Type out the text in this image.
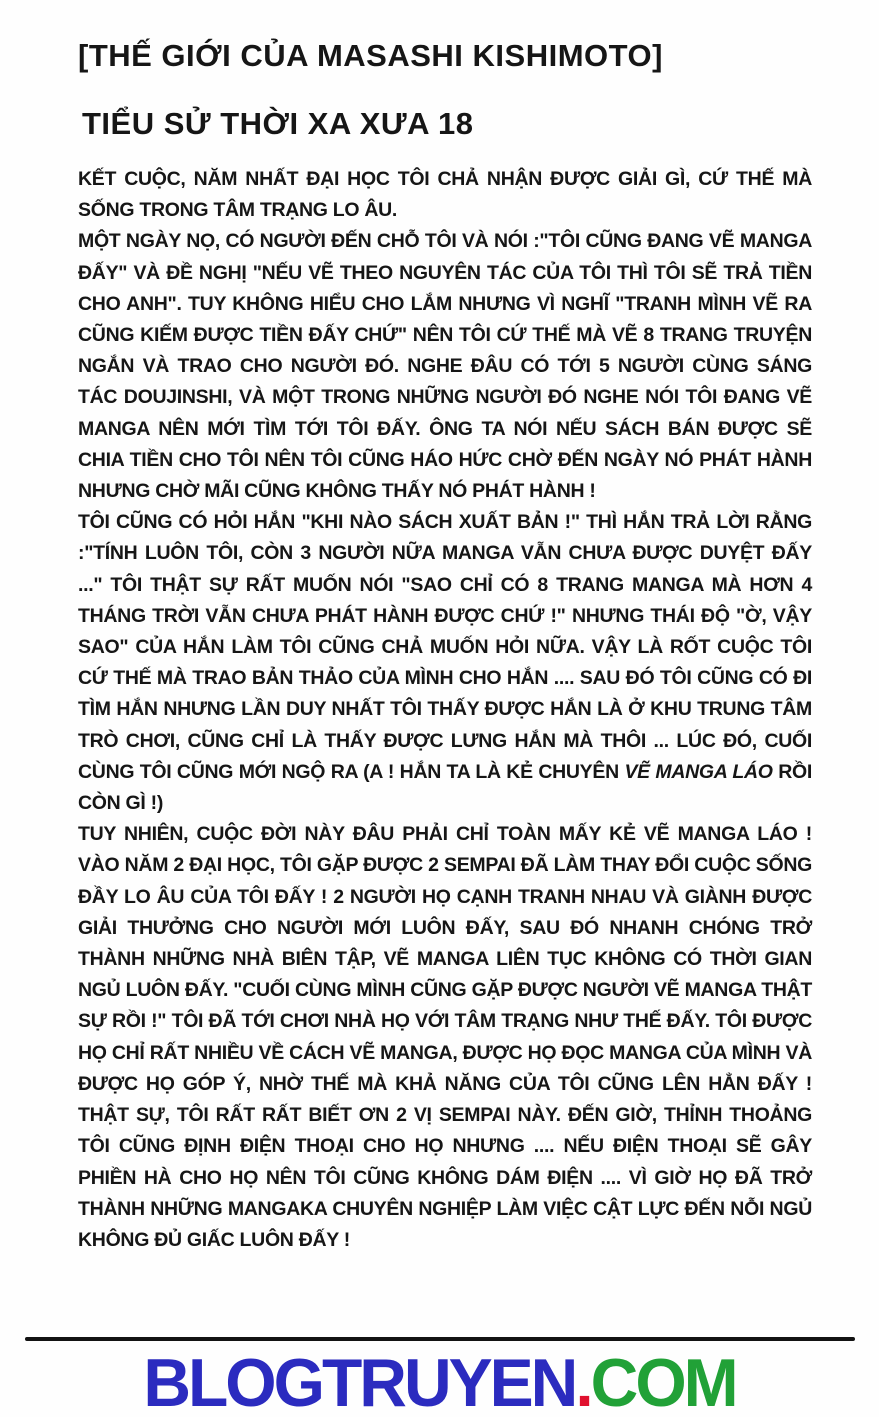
[THẾ GIỚI CỦA MASASHI KISHIMOTO]
TIỂU SỬ THỜI XA XƯA 18

KẾT CUỘC, NĂM NHẤT ĐẠI HỌC TÔI CHẢ NHẬN ĐƯỢC GIẢI GÌ, CỨ THẾ MÀ SỐNG TRONG TÂM TRẠNG LO ÂU.

MỘT NGÀY NỌ, CÓ NGƯỜI ĐẾN CHỖ TÔI VÀ NÓI :"TÔI CŨNG ĐANG VẼ MANGA ĐẤY" VÀ ĐỀ NGHỊ "NẾU VẼ THEO NGUYÊN TÁC CỦA TÔI THÌ TÔI SẼ TRẢ TIỀN CHO ANH". TUY KHÔNG HIỂU CHO LẮM NHƯNG VÌ NGHĨ "TRANH MÌNH VẼ RA CŨNG KIẾM ĐƯỢC TIỀN ĐẤY CHỨ" NÊN TÔI CỨ THẾ MÀ VẼ 8 TRANG TRUYỆN NGẮN VÀ TRAO CHO NGƯỜI ĐÓ. NGHE ĐÂU CÓ TỚI 5 NGƯỜI CÙNG SÁNG TÁC DOUJINSHI, VÀ MỘT TRONG NHỮNG NGƯỜI ĐÓ NGHE NÓI TÔI ĐANG VẼ MANGA NÊN MỚI TÌM TỚI TÔI ĐẤY. ÔNG TA NÓI NẾU SÁCH BÁN ĐƯỢC SẼ CHIA TIỀN CHO TÔI NÊN TÔI CŨNG HÁO HỨC CHỜ ĐẾN NGÀY NÓ PHÁT HÀNH NHƯNG CHỜ MÃI CŨNG KHÔNG THẤY NÓ PHÁT HÀNH !

TÔI CŨNG CÓ HỎI HẮN "KHI NÀO SÁCH XUẤT BẢN !" THÌ HẮN TRẢ LỜI RẰNG :"TÍNH LUÔN TÔI, CÒN 3 NGƯỜI NỮA MANGA VẪN CHƯA ĐƯỢC DUYỆT ĐẤY ..." TÔI THẬT SỰ RẤT MUỐN NÓI "SAO CHỈ CÓ 8 TRANG MANGA MÀ HƠN 4 THÁNG TRỜI VẪN CHƯA PHÁT HÀNH ĐƯỢC CHỨ !" NHƯNG THÁI ĐỘ "Ờ, VẬY SAO" CỦA HẮN LÀM TÔI CŨNG CHẢ MUỐN HỎI NỮA. VẬY LÀ RỐT CUỘC TÔI CỨ THẾ MÀ TRAO BẢN THẢO CỦA MÌNH CHO HẮN .... SAU ĐÓ TÔI CŨNG CÓ ĐI TÌM HẮN NHƯNG LẦN DUY NHẤT TÔI THẤY ĐƯỢC HẮN LÀ Ở KHU TRUNG TÂM TRÒ CHƠI, CŨNG CHỈ LÀ THẤY ĐƯỢC LƯNG HẮN MÀ THÔI ... LÚC ĐÓ, CUỐI CÙNG TÔI CŨNG MỚI NGỘ RA (A ! HẮN TA LÀ KẺ CHUYÊN VẼ MANGA LÁO RỒI CÒN GÌ !)

TUY NHIÊN, CUỘC ĐỜI NÀY ĐÂU PHẢI CHỈ TOÀN MẤY KẺ VẼ MANGA LÁO ! VÀO NĂM 2 ĐẠI HỌC, TÔI GẶP ĐƯỢC 2 SEMPAI ĐÃ LÀM THAY ĐỔI CUỘC SỐNG ĐẦY LO ÂU CỦA TÔI ĐẤY ! 2 NGƯỜI HỌ CẠNH TRANH NHAU VÀ GIÀNH ĐƯỢC GIẢI THƯỞNG CHO NGƯỜI MỚI LUÔN ĐẤY, SAU ĐÓ NHANH CHÓNG TRỞ THÀNH NHỮNG NHÀ BIÊN TẬP, VẼ MANGA LIÊN TỤC KHÔNG CÓ THỜI GIAN NGỦ LUÔN ĐẤY. "CUỐI CÙNG MÌNH CŨNG GẶP ĐƯỢC NGƯỜI VẼ MANGA THẬT SỰ RỒI !" TÔI ĐÃ TỚI CHƠI NHÀ HỌ VỚI TÂM TRẠNG NHƯ THẾ ĐẤY. TÔI ĐƯỢC HỌ CHỈ RẤT NHIỀU VỀ CÁCH VẼ MANGA, ĐƯỢC HỌ ĐỌC MANGA CỦA MÌNH VÀ ĐƯỢC HỌ GÓP Ý, NHỜ THẾ MÀ KHẢ NĂNG CỦA TÔI CŨNG LÊN HẲN ĐẤY ! THẬT SỰ, TÔI RẤT RẤT BIẾT ƠN 2 VỊ SEMPAI NÀY. ĐẾN GIỜ, THỈNH THOẢNG TÔI CŨNG ĐỊNH ĐIỆN THOẠI CHO HỌ NHƯNG .... NẾU ĐIỆN THOẠI SẼ GÂY PHIỀN HÀ CHO HỌ NÊN TÔI CŨNG KHÔNG DÁM ĐIỆN .... VÌ GIỜ HỌ ĐÃ TRỞ THÀNH NHỮNG MANGAKA CHUYÊN NGHIỆP LÀM VIỆC CẬT LỰC ĐẾN NỖI NGỦ KHÔNG ĐỦ GIẤC LUÔN ĐẤY !

BLOGTRUYEN.COM
